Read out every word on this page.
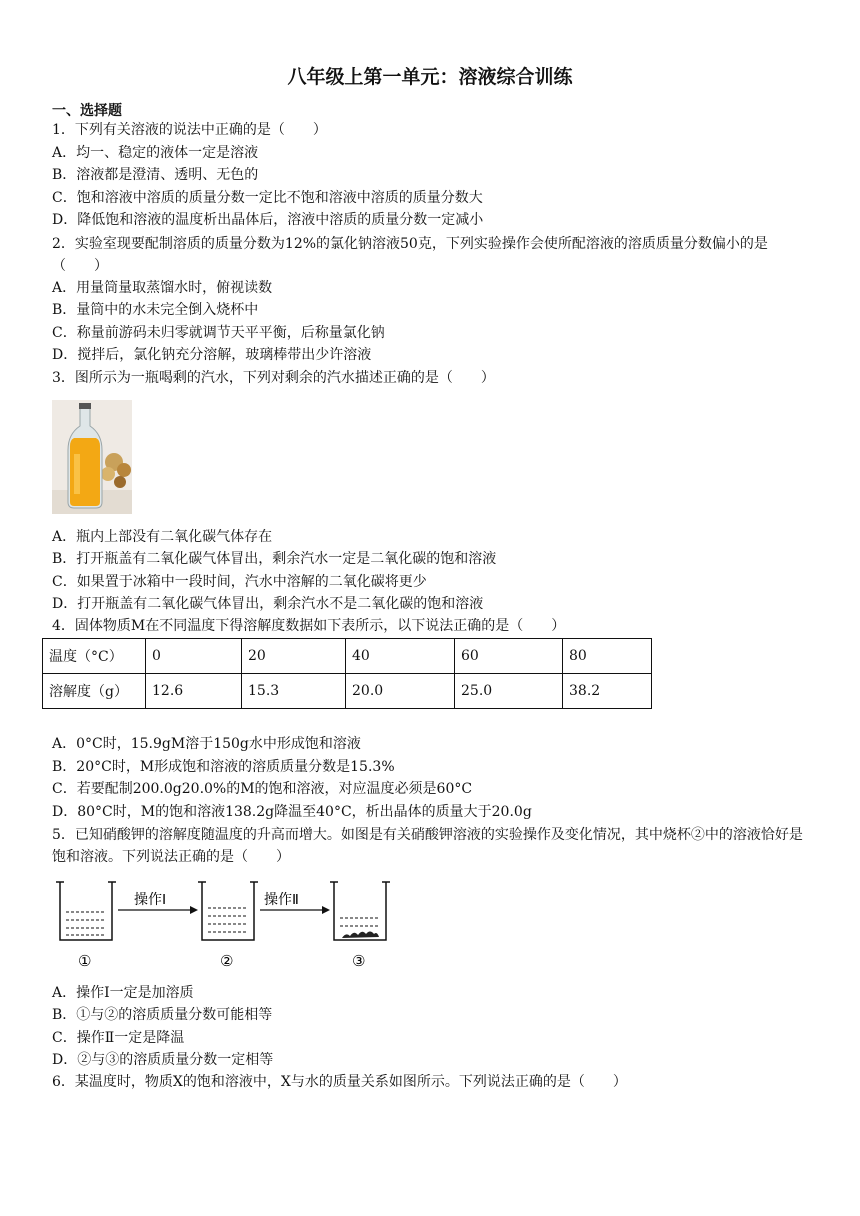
八年级上第一单元：溶液综合训练
一、选择题
1．下列有关溶液的说法中正确的是（　　）
A．均一、稳定的液体一定是溶液
B．溶液都是澄清、透明、无色的
C．饱和溶液中溶质的质量分数一定比不饱和溶液中溶质的质量分数大
D．降低饱和溶液的温度析出晶体后，溶液中溶质的质量分数一定减小
2．实验室现要配制溶质的质量分数为12%的氯化钠溶液50克，下列实验操作会使所配溶液的溶质质量分数偏小的是（　　）
A．用量筒量取蒸馏水时，俯视读数
B．量筒中的水未完全倒入烧杯中
C．称量前游码未归零就调节天平平衡，后称量氯化钠
D．搅拌后，氯化钠充分溶解，玻璃棒带出少许溶液
3．图所示为一瓶喝剩的汽水，下列对剩余的汽水描述正确的是（　　）
A．瓶内上部没有二氧化碳气体存在
B．打开瓶盖有二氧化碳气体冒出，剩余汽水一定是二氧化碳的饱和溶液
C．如果置于冰箱中一段时间，汽水中溶解的二氧化碳将更少
D．打开瓶盖有二氧化碳气体冒出，剩余汽水不是二氧化碳的饱和溶液
4．固体物质M在不同温度下得溶解度数据如下表所示，以下说法正确的是（　　）
温度（°C）	0	20	40	60	80
溶解度（g）	12.6	15.3	20.0	25.0	38.2
A．0°C时，15.9gM溶于150g水中形成饱和溶液
B．20°C时，M形成饱和溶液的溶质质量分数是15.3%
C．若要配制200.0g20.0%的M的饱和溶液，对应温度必须是60°C
D．80°C时，M的饱和溶液138.2g降温至40°C，析出晶体的质量大于20.0g
5．已知硝酸钾的溶解度随温度的升高而增大。如图是有关硝酸钾溶液的实验操作及变化情况，其中烧杯②中的溶液恰好是饱和溶液。下列说法正确的是（　　）
操作Ⅰ	操作Ⅱ
①	②	③
A．操作Ⅰ一定是加溶质
B．①与②的溶质质量分数可能相等
C．操作Ⅱ一定是降温
D．②与③的溶质质量分数一定相等
6．某温度时，物质X的饱和溶液中，X与水的质量关系如图所示。下列说法正确的是（　　）
